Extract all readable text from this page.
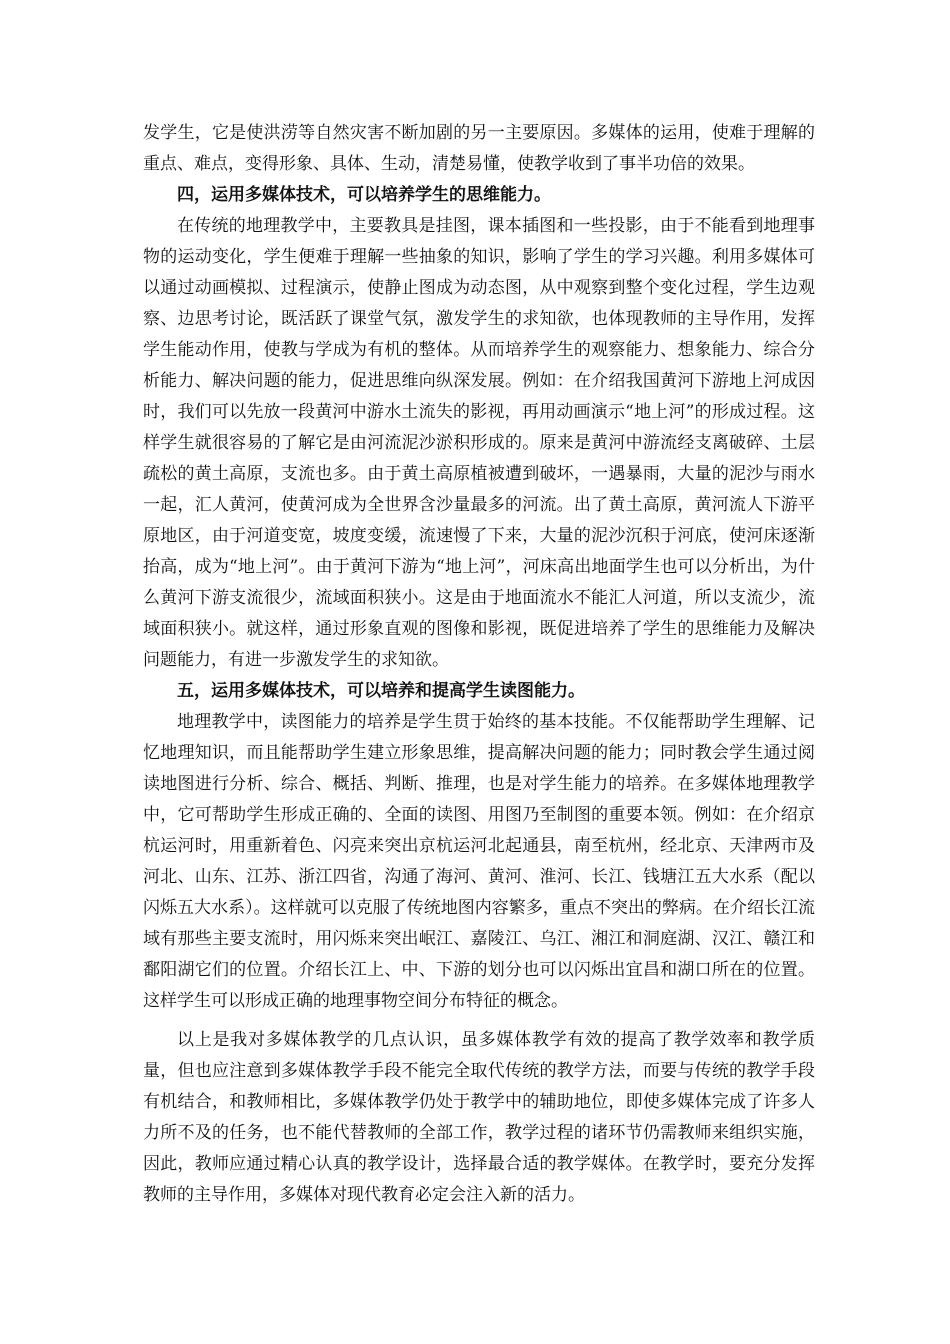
发学生，它是使洪涝等自然灾害不断加剧的另一主要原因。多媒体的运用，使难于理解的重点、难点，变得形象、具体、生动，清楚易懂，使教学收到了事半功倍的效果。

四，运用多媒体技术，可以培养学生的思维能力。

在传统的地理教学中，主要教具是挂图，课本插图和一些投影，由于不能看到地理事物的运动变化，学生便难于理解一些抽象的知识，影响了学生的学习兴趣。利用多媒体可以通过动画模拟、过程演示，使静止图成为动态图，从中观察到整个变化过程，学生边观察、边思考讨论，既活跃了课堂气氛，激发学生的求知欲，也体现教师的主导作用，发挥学生能动作用，使教与学成为有机的整体。从而培养学生的观察能力、想象能力、综合分析能力、解决问题的能力，促进思维向纵深发展。例如：在介绍我国黄河下游地上河成因时，我们可以先放一段黄河中游水土流失的影视，再用动画演示“地上河”的形成过程。这样学生就很容易的了解它是由河流泥沙淤积形成的。原来是黄河中游流经支离破碎、土层疏松的黄土高原，支流也多。由于黄土高原植被遭到破坏，一遇暴雨，大量的泥沙与雨水一起，汇人黄河，使黄河成为全世界含沙量最多的河流。出了黄土高原，黄河流人下游平原地区，由于河道变宽，坡度变缓，流速慢了下来，大量的泥沙沉积于河底，使河床逐渐抬高，成为“地上河”。由于黄河下游为“地上河”，河床高出地面学生也可以分析出，为什么黄河下游支流很少，流域面积狭小。这是由于地面流水不能汇人河道，所以支流少，流域面积狭小。就这样，通过形象直观的图像和影视，既促进培养了学生的思维能力及解决问题能力，有进一步激发学生的求知欲。

五，运用多媒体技术，可以培养和提高学生读图能力。

地理教学中，读图能力的培养是学生贯于始终的基本技能。不仅能帮助学生理解、记忆地理知识，而且能帮助学生建立形象思维，提高解决问题的能力；同时教会学生通过阅读地图进行分析、综合、概括、判断、推理，也是对学生能力的培养。在多媒体地理教学中，它可帮助学生形成正确的、全面的读图、用图乃至制图的重要本领。例如：在介绍京杭运河时，用重新着色、闪亮来突出京杭运河北起通县，南至杭州，经北京、天津两市及河北、山东、江苏、浙江四省，沟通了海河、黄河、淮河、长江、钱塘江五大水系（配以闪烁五大水系）。这样就可以克服了传统地图内容繁多，重点不突出的弊病。在介绍长江流域有那些主要支流时，用闪烁来突出岷江、嘉陵江、乌江、湘江和洞庭湖、汉江、赣江和鄱阳湖它们的位置。介绍长江上、中、下游的划分也可以闪烁出宜昌和湖口所在的位置。这样学生可以形成正确的地理事物空间分布特征的概念。

以上是我对多媒体教学的几点认识，虽多媒体教学有效的提高了教学效率和教学质量，但也应注意到多媒体教学手段不能完全取代传统的教学方法，而要与传统的教学手段有机结合，和教师相比，多媒体教学仍处于教学中的辅助地位，即使多媒体完成了许多人力所不及的任务，也不能代替教师的全部工作，教学过程的诸环节仍需教师来组织实施，因此，教师应通过精心认真的教学设计，选择最合适的教学媒体。在教学时，要充分发挥教师的主导作用，多媒体对现代教育必定会注入新的活力。
